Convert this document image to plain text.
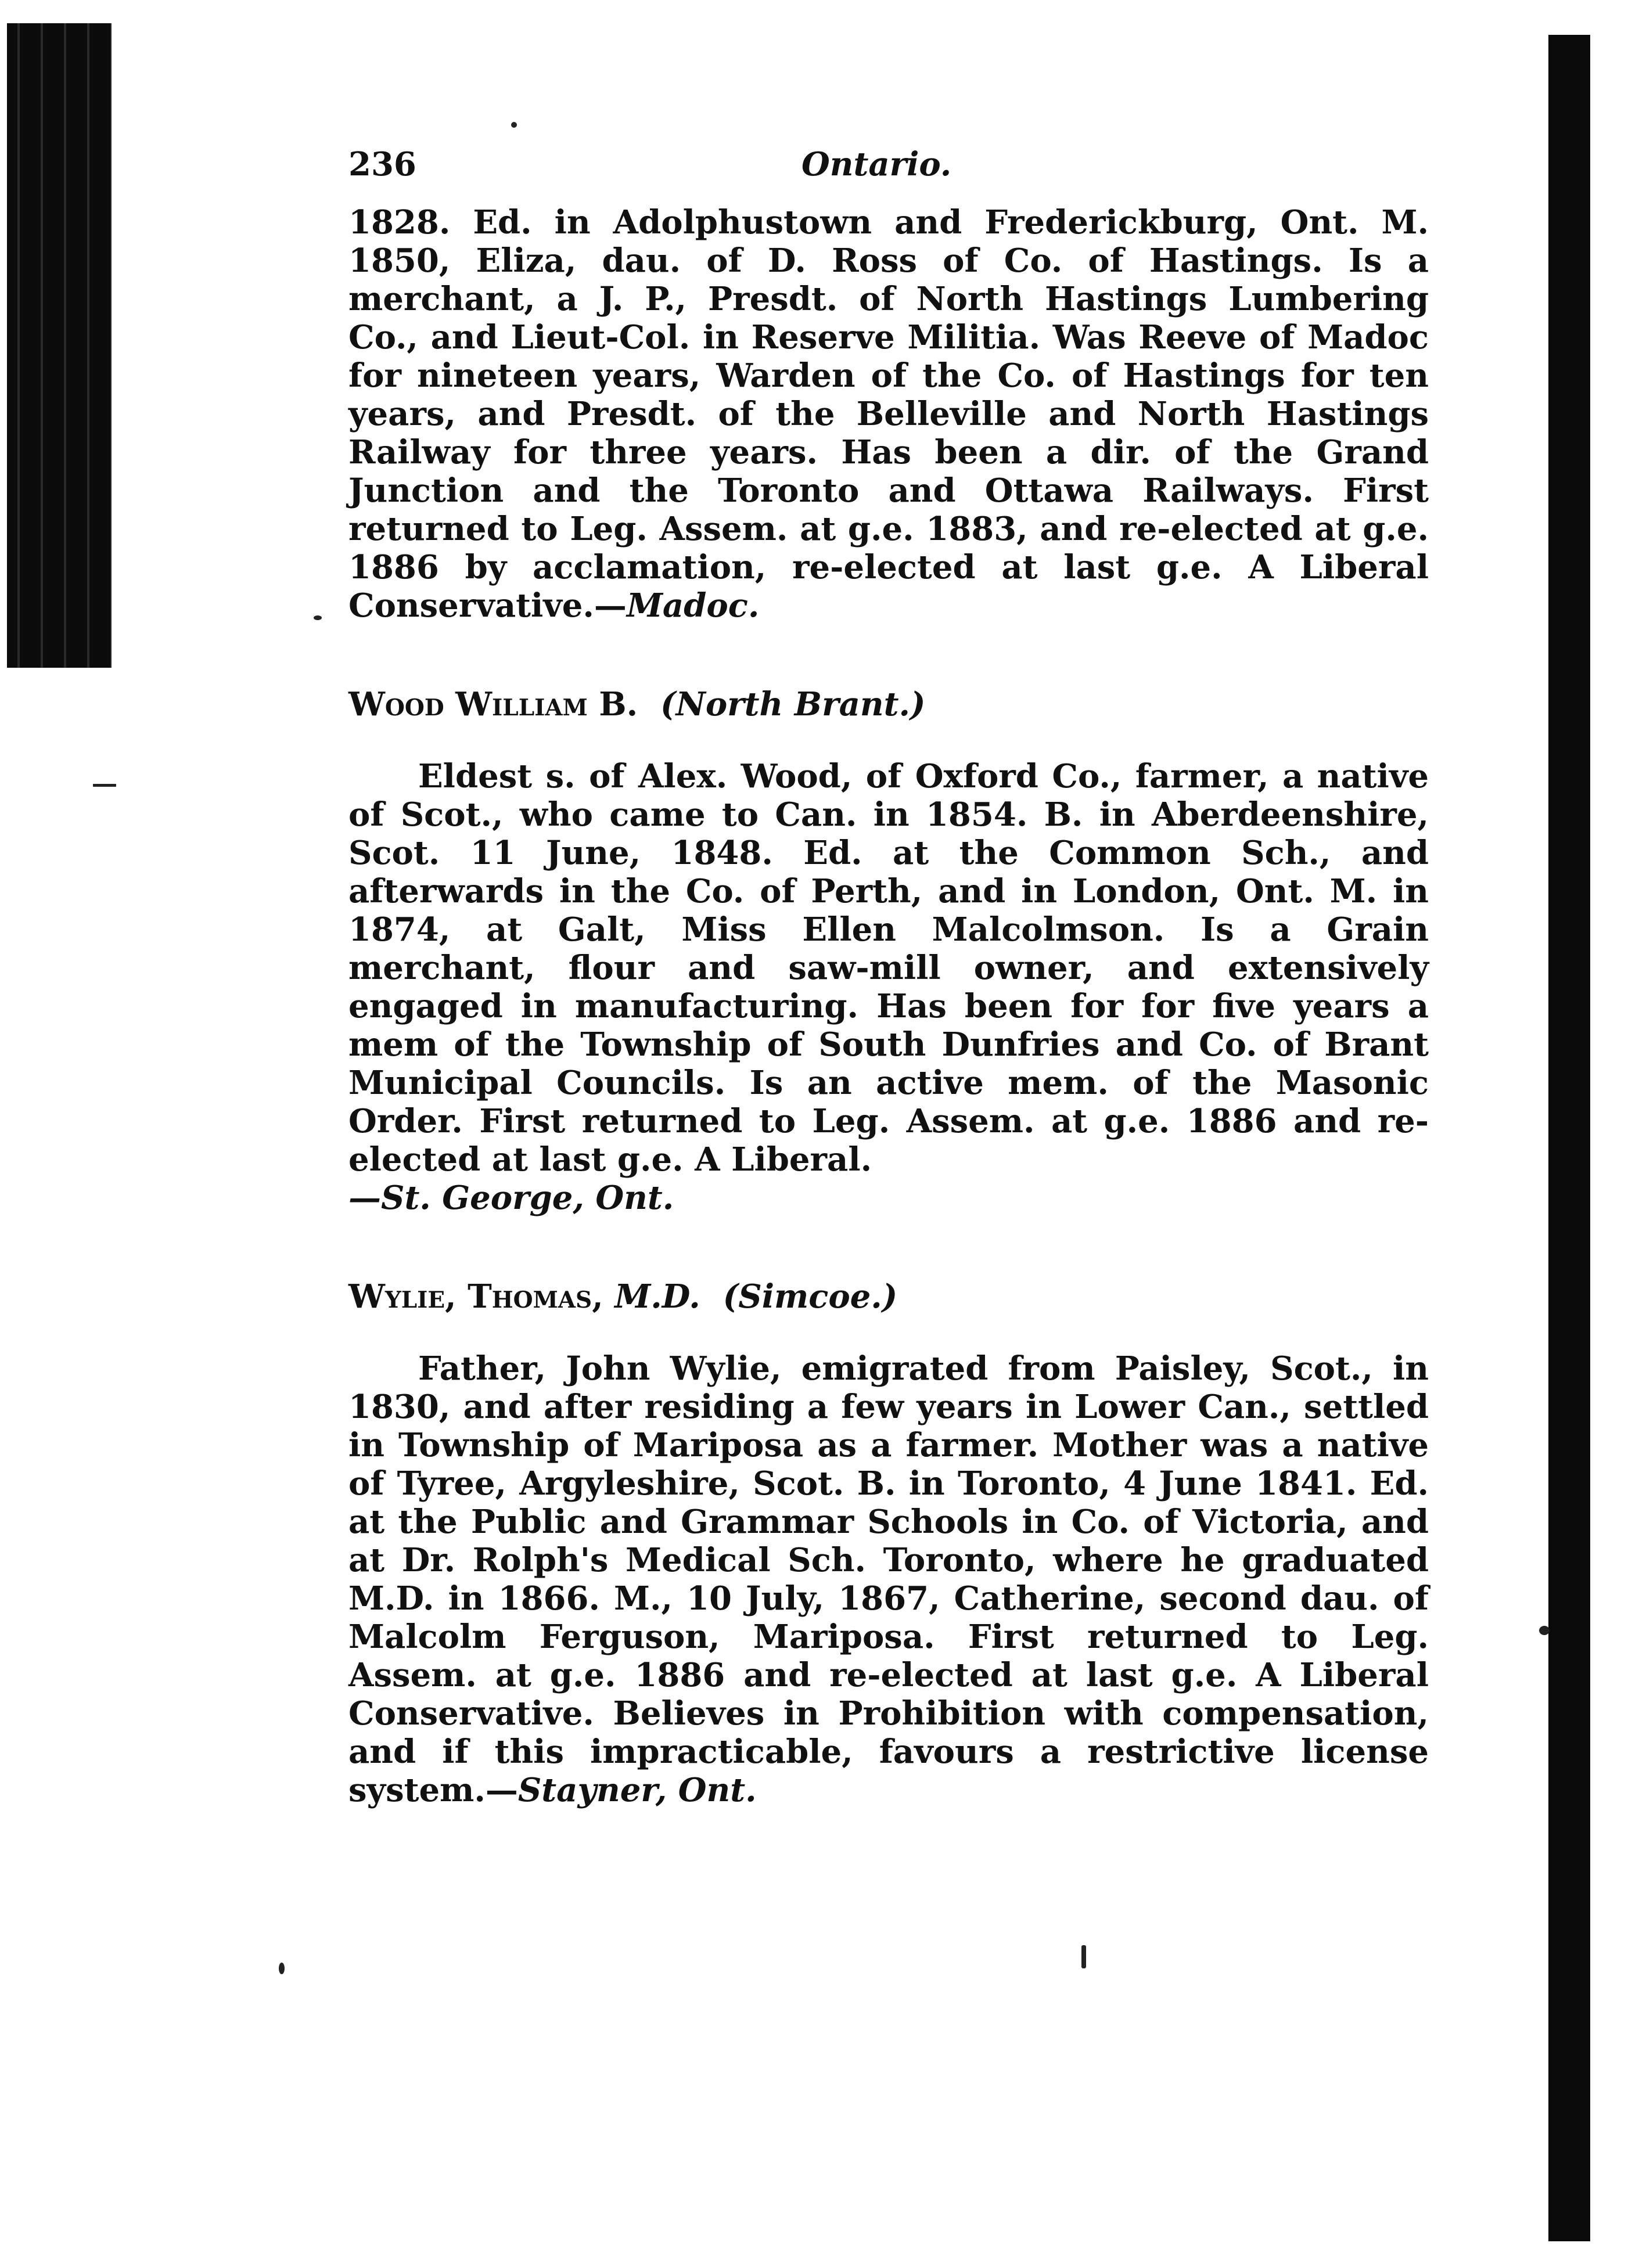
236	Ontario.

1828. Ed. in Adolphustown and Frederickburg, Ont. M. 1850, Eliza, dau. of D. Ross of Co. of Hastings. Is a merchant, a J. P., Presdt. of North Hastings Lumbering Co., and Lieut-Col. in Reserve Militia. Was Reeve of Madoc for nineteen years, Warden of the Co. of Hastings for ten years, and Presdt. of the Belleville and North Hastings Railway for three years. Has been a dir. of the Grand Junction and the Toronto and Ottawa Railways. First returned to Leg. Assem. at g.e. 1883, and re-elected at g.e. 1886 by acclamation, re-elected at last g.e. A Liberal Conservative.—Madoc.

Wood William B. (North Brant.)

Eldest s. of Alex. Wood, of Oxford Co., farmer, a native of Scot., who came to Can. in 1854. B. in Aberdeenshire, Scot. 11 June, 1848. Ed. at the Common Sch., and afterwards in the Co. of Perth, and in London, Ont. M. in 1874, at Galt, Miss Ellen Malcolmson. Is a Grain merchant, flour and saw-mill owner, and extensively engaged in manufacturing. Has been for for five years a mem of the Township of South Dunfries and Co. of Brant Municipal Councils. Is an active mem. of the Masonic Order. First returned to Leg. Assem. at g.e. 1886 and re-elected at last g.e. A Liberal.
—St. George, Ont.

Wylie, Thomas, M.D. (Simcoe.)

Father, John Wylie, emigrated from Paisley, Scot., in 1830, and after residing a few years in Lower Can., settled in Township of Mariposa as a farmer. Mother was a native of Tyree, Argyleshire, Scot. B. in Toronto, 4 June 1841. Ed. at the Public and Grammar Schools in Co. of Victoria, and at Dr. Rolph's Medical Sch. Toronto, where he graduated M.D. in 1866. M., 10 July, 1867, Catherine, second dau. of Malcolm Ferguson, Mariposa. First returned to Leg. Assem. at g.e. 1886 and re-elected at last g.e. A Liberal Conservative. Believes in Prohibition with compensation, and if this impracticable, favours a restrictive license system.—Stayner, Ont.
